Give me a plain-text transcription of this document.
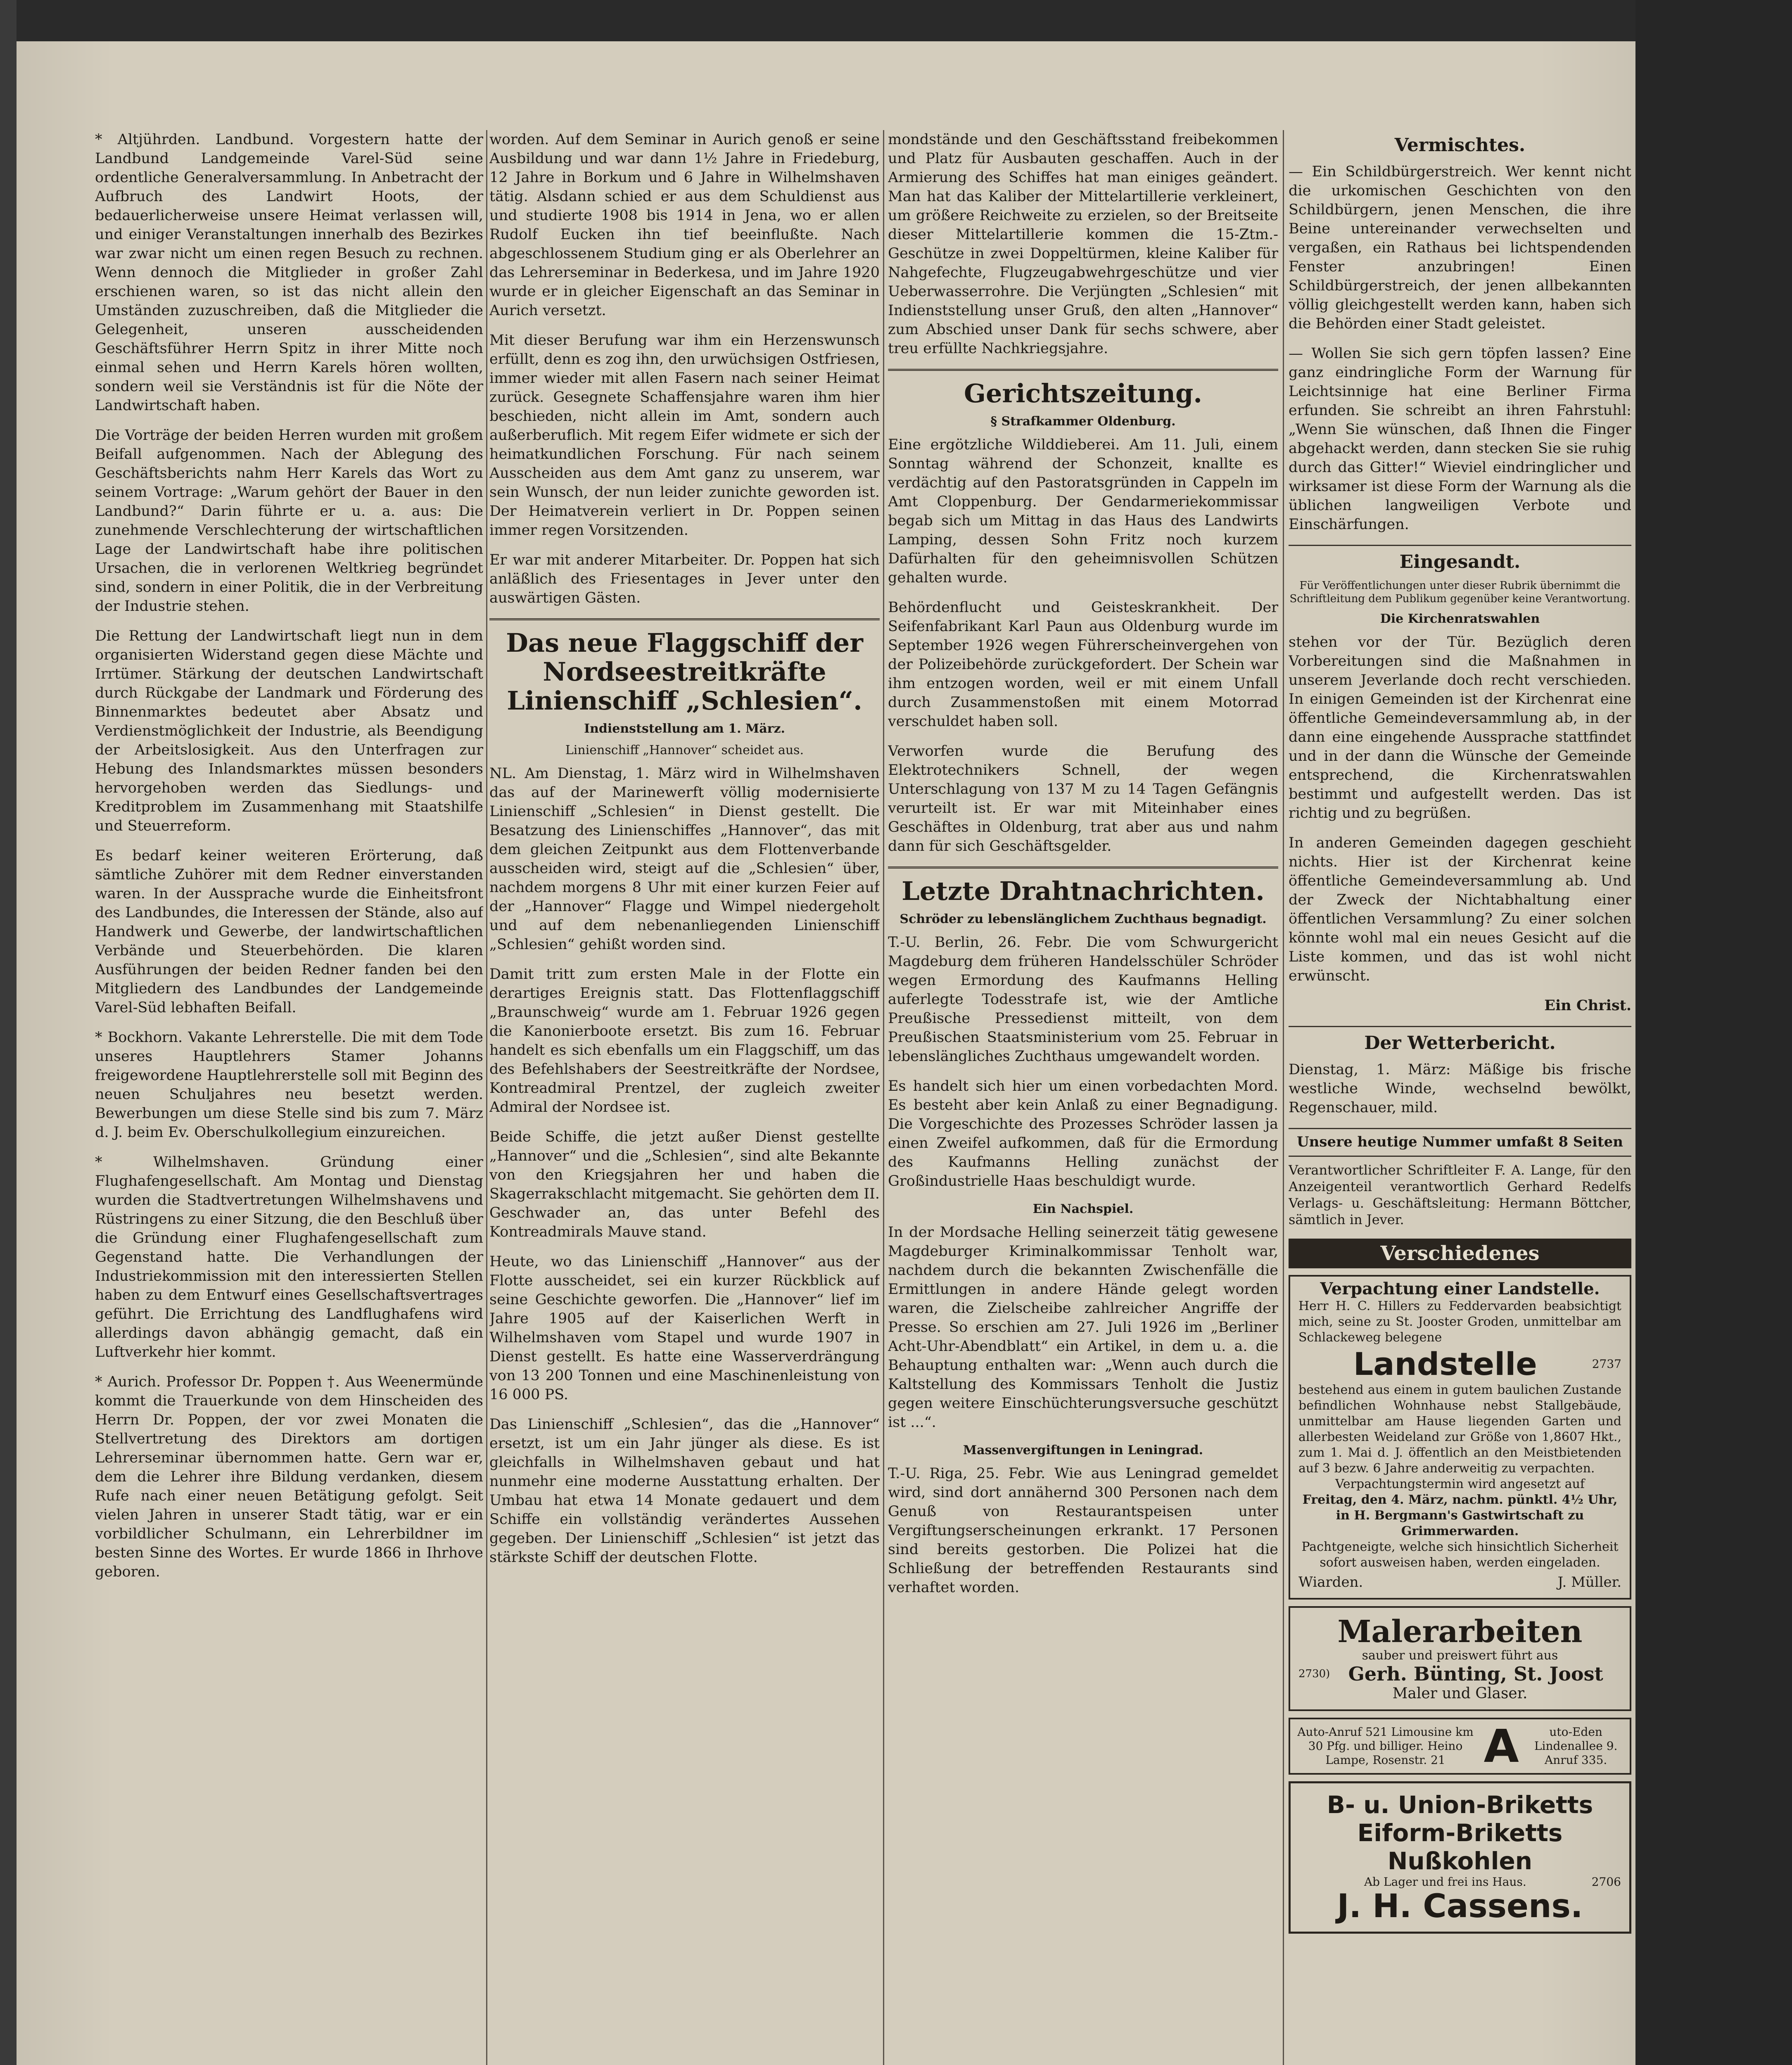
* Altjührden. Landbund. Vorgestern hatte der Landbund Landgemeinde Varel-Süd seine ordentliche Generalversammlung. In Anbetracht der Aufbruch des Landwirt Hoots, der bedauerlicherweise unsere Heimat verlassen will, und einiger Veranstaltungen innerhalb des Bezirkes war zwar nicht um einen regen Besuch zu rechnen. Wenn dennoch die Mitglieder in großer Zahl erschienen waren, so ist das nicht allein den Umständen zuzuschreiben, daß die Mitglieder die Gelegenheit, unseren ausscheidenden Geschäftsführer Herrn Spitz in ihrer Mitte noch einmal sehen und Herrn Karels hören wollten, sondern weil sie Verständnis ist für die Nöte der Landwirtschaft haben.

Die Vorträge der beiden Herren wurden mit großem Beifall aufgenommen. Nach der Ablegung des Geschäftsberichts nahm Herr Karels das Wort zu seinem Vortrage: „Warum gehört der Bauer in den Landbund?“ Darin führte er u. a. aus: Die zunehmende Verschlechterung der wirtschaftlichen Lage der Landwirtschaft habe ihre politischen Ursachen, die in verlorenen Weltkrieg begründet sind, sondern in einer Politik, die in der Verbreitung der Industrie stehen.

Die Rettung der Landwirtschaft liegt nun in dem organisierten Widerstand gegen diese Mächte und Irrtümer. Stärkung der deutschen Landwirtschaft durch Rückgabe der Landmark und Förderung des Binnenmarktes bedeutet aber Absatz und Verdienstmöglichkeit der Industrie, als Beendigung der Arbeitslosigkeit. Aus den Unterfragen zur Hebung des Inlandsmarktes müssen besonders hervorgehoben werden das Siedlungs- und Kreditproblem im Zusammenhang mit Staatshilfe und Steuerreform.

Es bedarf keiner weiteren Erörterung, daß sämtliche Zuhörer mit dem Redner einverstanden waren. In der Aussprache wurde die Einheitsfront des Landbundes, die Interessen der Stände, also auf Handwerk und Gewerbe, der landwirtschaftlichen Verbände und Steuerbehörden. Die klaren Ausführungen der beiden Redner fanden bei den Mitgliedern des Landbundes der Landgemeinde Varel-Süd lebhaften Beifall.

* Bockhorn. Vakante Lehrerstelle. Die mit dem Tode unseres Hauptlehrers Stamer Johanns freigewordene Hauptlehrerstelle soll mit Beginn des neuen Schuljahres neu besetzt werden. Bewerbungen um diese Stelle sind bis zum 7. März d. J. beim Ev. Oberschulkollegium einzureichen.

* Wilhelmshaven. Gründung einer Flughafengesellschaft. Am Montag und Dienstag wurden die Stadtvertretungen Wilhelmshavens und Rüstringens zu einer Sitzung, die den Beschluß über die Gründung einer Flughafengesellschaft zum Gegenstand hatte. Die Verhandlungen der Industriekommission mit den interessierten Stellen haben zu dem Entwurf eines Gesellschaftsvertrages geführt. Die Errichtung des Landflughafens wird allerdings davon abhängig gemacht, daß ein Luftverkehr hier kommt.

* Aurich. Professor Dr. Poppen †. Aus Weenermünde kommt die Trauerkunde von dem Hinscheiden des Herrn Dr. Poppen, der vor zwei Monaten die Stellvertretung des Direktors am dortigen Lehrerseminar übernommen hatte. Gern war er, dem die Lehrer ihre Bildung verdanken, diesem Rufe nach einer neuen Betätigung gefolgt. Seit vielen Jahren in unserer Stadt tätig, war er ein vorbildlicher Schulmann, ein Lehrerbildner im besten Sinne des Wortes. Er wurde 1866 in Ihrhove geboren.

worden. Auf dem Seminar in Aurich genoß er seine Ausbildung und war dann 1½ Jahre in Friedeburg, 12 Jahre in Borkum und 6 Jahre in Wilhelmshaven tätig. Alsdann schied er aus dem Schuldienst aus und studierte 1908 bis 1914 in Jena, wo er allen Rudolf Eucken ihn tief beeinflußte. Nach abgeschlossenem Studium ging er als Oberlehrer an das Lehrerseminar in Bederkesa, und im Jahre 1920 wurde er in gleicher Eigenschaft an das Seminar in Aurich versetzt.

Mit dieser Berufung war ihm ein Herzenswunsch erfüllt, denn es zog ihn, den urwüchsigen Ostfriesen, immer wieder mit allen Fasern nach seiner Heimat zurück. Gesegnete Schaffensjahre waren ihm hier beschieden, nicht allein im Amt, sondern auch außerberuflich. Mit regem Eifer widmete er sich der heimatkundlichen Forschung. Für nach seinem Ausscheiden aus dem Amt ganz zu unserem, war sein Wunsch, der nun leider zunichte geworden ist. Der Heimatverein verliert in Dr. Poppen seinen immer regen Vorsitzenden.

Er war mit anderer Mitarbeiter. Dr. Poppen hat sich anläßlich des Friesentages in Jever unter den auswärtigen Gästen.

Das neue Flaggschiff der Nordseestreitkräfte Linienschiff „Schlesien“.
Indienststellung am 1. März.
Linienschiff „Hannover“ scheidet aus.

NL. Am Dienstag, 1. März wird in Wilhelmshaven das auf der Marinewerft völlig modernisierte Linienschiff „Schlesien“ in Dienst gestellt. Die Besatzung des Linienschiffes „Hannover“, das mit dem gleichen Zeitpunkt aus dem Flottenverbande ausscheiden wird, steigt auf die „Schlesien“ über, nachdem morgens 8 Uhr mit einer kurzen Feier auf der „Hannover“ Flagge und Wimpel niedergeholt und auf dem nebenanliegenden Linienschiff „Schlesien“ gehißt worden sind.

Damit tritt zum ersten Male in der Flotte ein derartiges Ereignis statt. Das Flottenflaggschiff „Braunschweig“ wurde am 1. Februar 1926 gegen die Kanonierboote ersetzt. Bis zum 16. Februar handelt es sich ebenfalls um ein Flaggschiff, um das des Befehlshabers der Seestreitkräfte der Nordsee, Kontreadmiral Prentzel, der zugleich zweiter Admiral der Nordsee ist.

Beide Schiffe, die jetzt außer Dienst gestellte „Hannover“ und die „Schlesien“, sind alte Bekannte von den Kriegsjahren her und haben die Skagerrakschlacht mitgemacht. Sie gehörten dem II. Geschwader an, das unter Befehl des Kontreadmirals Mauve stand.

Heute, wo das Linienschiff „Hannover“ aus der Flotte ausscheidet, sei ein kurzer Rückblick auf seine Geschichte geworfen. Die „Hannover“ lief im Jahre 1905 auf der Kaiserlichen Werft in Wilhelmshaven vom Stapel und wurde 1907 in Dienst gestellt. Es hatte eine Wasserverdrängung von 13 200 Tonnen und eine Maschinenleistung von 16 000 PS.

Das Linienschiff „Schlesien“, das die „Hannover“ ersetzt, ist um ein Jahr jünger als diese. Es ist gleichfalls in Wilhelmshaven gebaut und hat nunmehr eine moderne Ausstattung erhalten. Der Umbau hat etwa 14 Monate gedauert und dem Schiffe ein vollständig verändertes Aussehen gegeben. Der Linienschiff „Schlesien“ ist jetzt das stärkste Schiff der deutschen Flotte.

mondstände und den Geschäftsstand freibekommen und Platz für Ausbauten geschaffen. Auch in der Armierung des Schiffes hat man einiges geändert. Man hat das Kaliber der Mittelartillerie verkleinert, um größere Reichweite zu erzielen, so der Breitseite dieser Mittelartillerie kommen die 15-Ztm.-Geschütze in zwei Doppeltürmen, kleine Kaliber für Nahgefechte, Flugzeugabwehrgeschütze und vier Ueberwasserrohre. Die Verjüngten „Schlesien“ mit Indienststellung unser Gruß, den alten „Hannover“ zum Abschied unser Dank für sechs schwere, aber treu erfüllte Nachkriegsjahre.

Gerichtszeitung.
§ Strafkammer Oldenburg.

Eine ergötzliche Wilddieberei. Am 11. Juli, einem Sonntag während der Schonzeit, knallte es verdächtig auf den Pastoratsgründen in Cappeln im Amt Cloppenburg. Der Gendarmeriekommissar begab sich um Mittag in das Haus des Landwirts Lamping, dessen Sohn Fritz noch kurzem Dafürhalten für den geheimnisvollen Schützen gehalten wurde.

Behördenflucht und Geisteskrankheit. Der Seifenfabrikant Karl Paun aus Oldenburg wurde im September 1926 wegen Führerscheinvergehen von der Polizeibehörde zurückgefordert. Der Schein war ihm entzogen worden, weil er mit einem Unfall durch Zusammenstoßen mit einem Motorrad verschuldet haben soll.

Verworfen wurde die Berufung des Elektrotechnikers Schnell, der wegen Unterschlagung von 137 M zu 14 Tagen Gefängnis verurteilt ist. Er war mit Miteinhaber eines Geschäftes in Oldenburg, trat aber aus und nahm dann für sich Geschäftsgelder.

Letzte Drahtnachrichten.
Schröder zu lebenslänglichem Zuchthaus begnadigt.

T.-U. Berlin, 26. Febr. Die vom Schwurgericht Magdeburg dem früheren Handelsschüler Schröder wegen Ermordung des Kaufmanns Helling auferlegte Todesstrafe ist, wie der Amtliche Preußische Pressedienst mitteilt, von dem Preußischen Staatsministerium vom 25. Februar in lebenslängliches Zuchthaus umgewandelt worden.

Es handelt sich hier um einen vorbedachten Mord. Es besteht aber kein Anlaß zu einer Begnadigung. Die Vorgeschichte des Prozesses Schröder lassen ja einen Zweifel aufkommen, daß für die Ermordung des Kaufmanns Helling zunächst der Großindustrielle Haas beschuldigt wurde.

Ein Nachspiel.

In der Mordsache Helling seinerzeit tätig gewesene Magdeburger Kriminalkommissar Tenholt war, nachdem durch die bekannten Zwischenfälle die Ermittlungen in andere Hände gelegt worden waren, die Zielscheibe zahlreicher Angriffe der Presse. So erschien am 27. Juli 1926 im „Berliner Acht-Uhr-Abendblatt“ ein Artikel, in dem u. a. die Behauptung enthalten war: „Wenn auch durch die Kaltstellung des Kommissars Tenholt die Justiz gegen weitere Einschüchterungsversuche geschützt ist ...“.

Massenvergiftungen in Leningrad.

T.-U. Riga, 25. Febr. Wie aus Leningrad gemeldet wird, sind dort annähernd 300 Personen nach dem Genuß von Restaurantspeisen unter Vergiftungserscheinungen erkrankt. 17 Personen sind bereits gestorben. Die Polizei hat die Schließung der betreffenden Restaurants sind verhaftet worden.

Vermischtes.

— Ein Schildbürgerstreich. Wer kennt nicht die urkomischen Geschichten von den Schildbürgern, jenen Menschen, die ihre Beine untereinander verwechselten und vergaßen, ein Rathaus bei lichtspendenden Fenster anzubringen! Einen Schildbürgerstreich, der jenen allbekannten völlig gleichgestellt werden kann, haben sich die Behörden einer Stadt geleistet.

— Wollen Sie sich gern töpfen lassen? Eine ganz eindringliche Form der Warnung für Leichtsinnige hat eine Berliner Firma erfunden. Sie schreibt an ihren Fahrstuhl: „Wenn Sie wünschen, daß Ihnen die Finger abgehackt werden, dann stecken Sie sie ruhig durch das Gitter!“ Wieviel eindringlicher und wirksamer ist diese Form der Warnung als die üblichen langweiligen Verbote und Einschärfungen.

Eingesandt.
Für Veröffentlichungen unter dieser Rubrik übernimmt die Schriftleitung dem Publikum gegenüber keine Verantwortung.
Die Kirchenratswahlen

stehen vor der Tür. Bezüglich deren Vorbereitungen sind die Maßnahmen in unserem Jeverlande doch recht verschieden. In einigen Gemeinden ist der Kirchenrat eine öffentliche Gemeindeversammlung ab, in der dann eine eingehende Aussprache stattfindet und in der dann die Wünsche der Gemeinde entsprechend, die Kirchenratswahlen bestimmt und aufgestellt werden. Das ist richtig und zu begrüßen.

In anderen Gemeinden dagegen geschieht nichts. Hier ist der Kirchenrat keine öffentliche Gemeindeversammlung ab. Und der Zweck der Nichtabhaltung einer öffentlichen Versammlung? Zu einer solchen könnte wohl mal ein neues Gesicht auf die Liste kommen, und das ist wohl nicht erwünscht.

Ein Christ.

Der Wetterbericht.

Dienstag, 1. März: Mäßige bis frische westliche Winde, wechselnd bewölkt, Regenschauer, mild.

Unsere heutige Nummer umfaßt 8 Seiten

Verantwortlicher Schriftleiter F. A. Lange, für den Anzeigenteil verantwortlich Gerhard Redelfs Verlags- u. Geschäftsleitung: Hermann Böttcher, sämtlich in Jever.

Verschiedenes
Verpachtung einer Landstelle.
Herr H. C. Hillers zu Feddervarden beabsichtigt mich, seine zu St. Jooster Groden, unmittelbar am Schlackeweg belegene
Landstelle	2737
bestehend aus einem in gutem baulichen Zustande befindlichen Wohnhause nebst Stallgebäude, unmittelbar am Hause liegenden Garten und allerbesten Weideland zur Größe von 1,8607 Hkt., zum 1. Mai d. J. öffentlich an den Meistbietenden auf 3 bezw. 6 Jahre anderweitig zu verpachten.
Verpachtungstermin wird angesetzt auf
Freitag, den 4. März, nachm. pünktl. 4½ Uhr, in H. Bergmann's Gastwirtschaft zu Grimmerwarden.
Pachtgeneigte, welche sich hinsichtlich Sicherheit sofort ausweisen haben, werden eingeladen.
Wiarden.	J. Müller.
Malerarbeiten
sauber und preiswert führt aus
2730) Gerh. Bünting, St. Joost
Maler und Glaser.
Auto-Anruf 521 Limousine km 30 Pfg. und billiger. Heino Lampe, Rosenstr. 21 A	uto-Eden Lindenallee 9. Anruf 335.
B- u. Union-Briketts
Eiform-Briketts
Nußkohlen
Ab Lager und frei ins Haus.	2706
J. H. Cassens.
